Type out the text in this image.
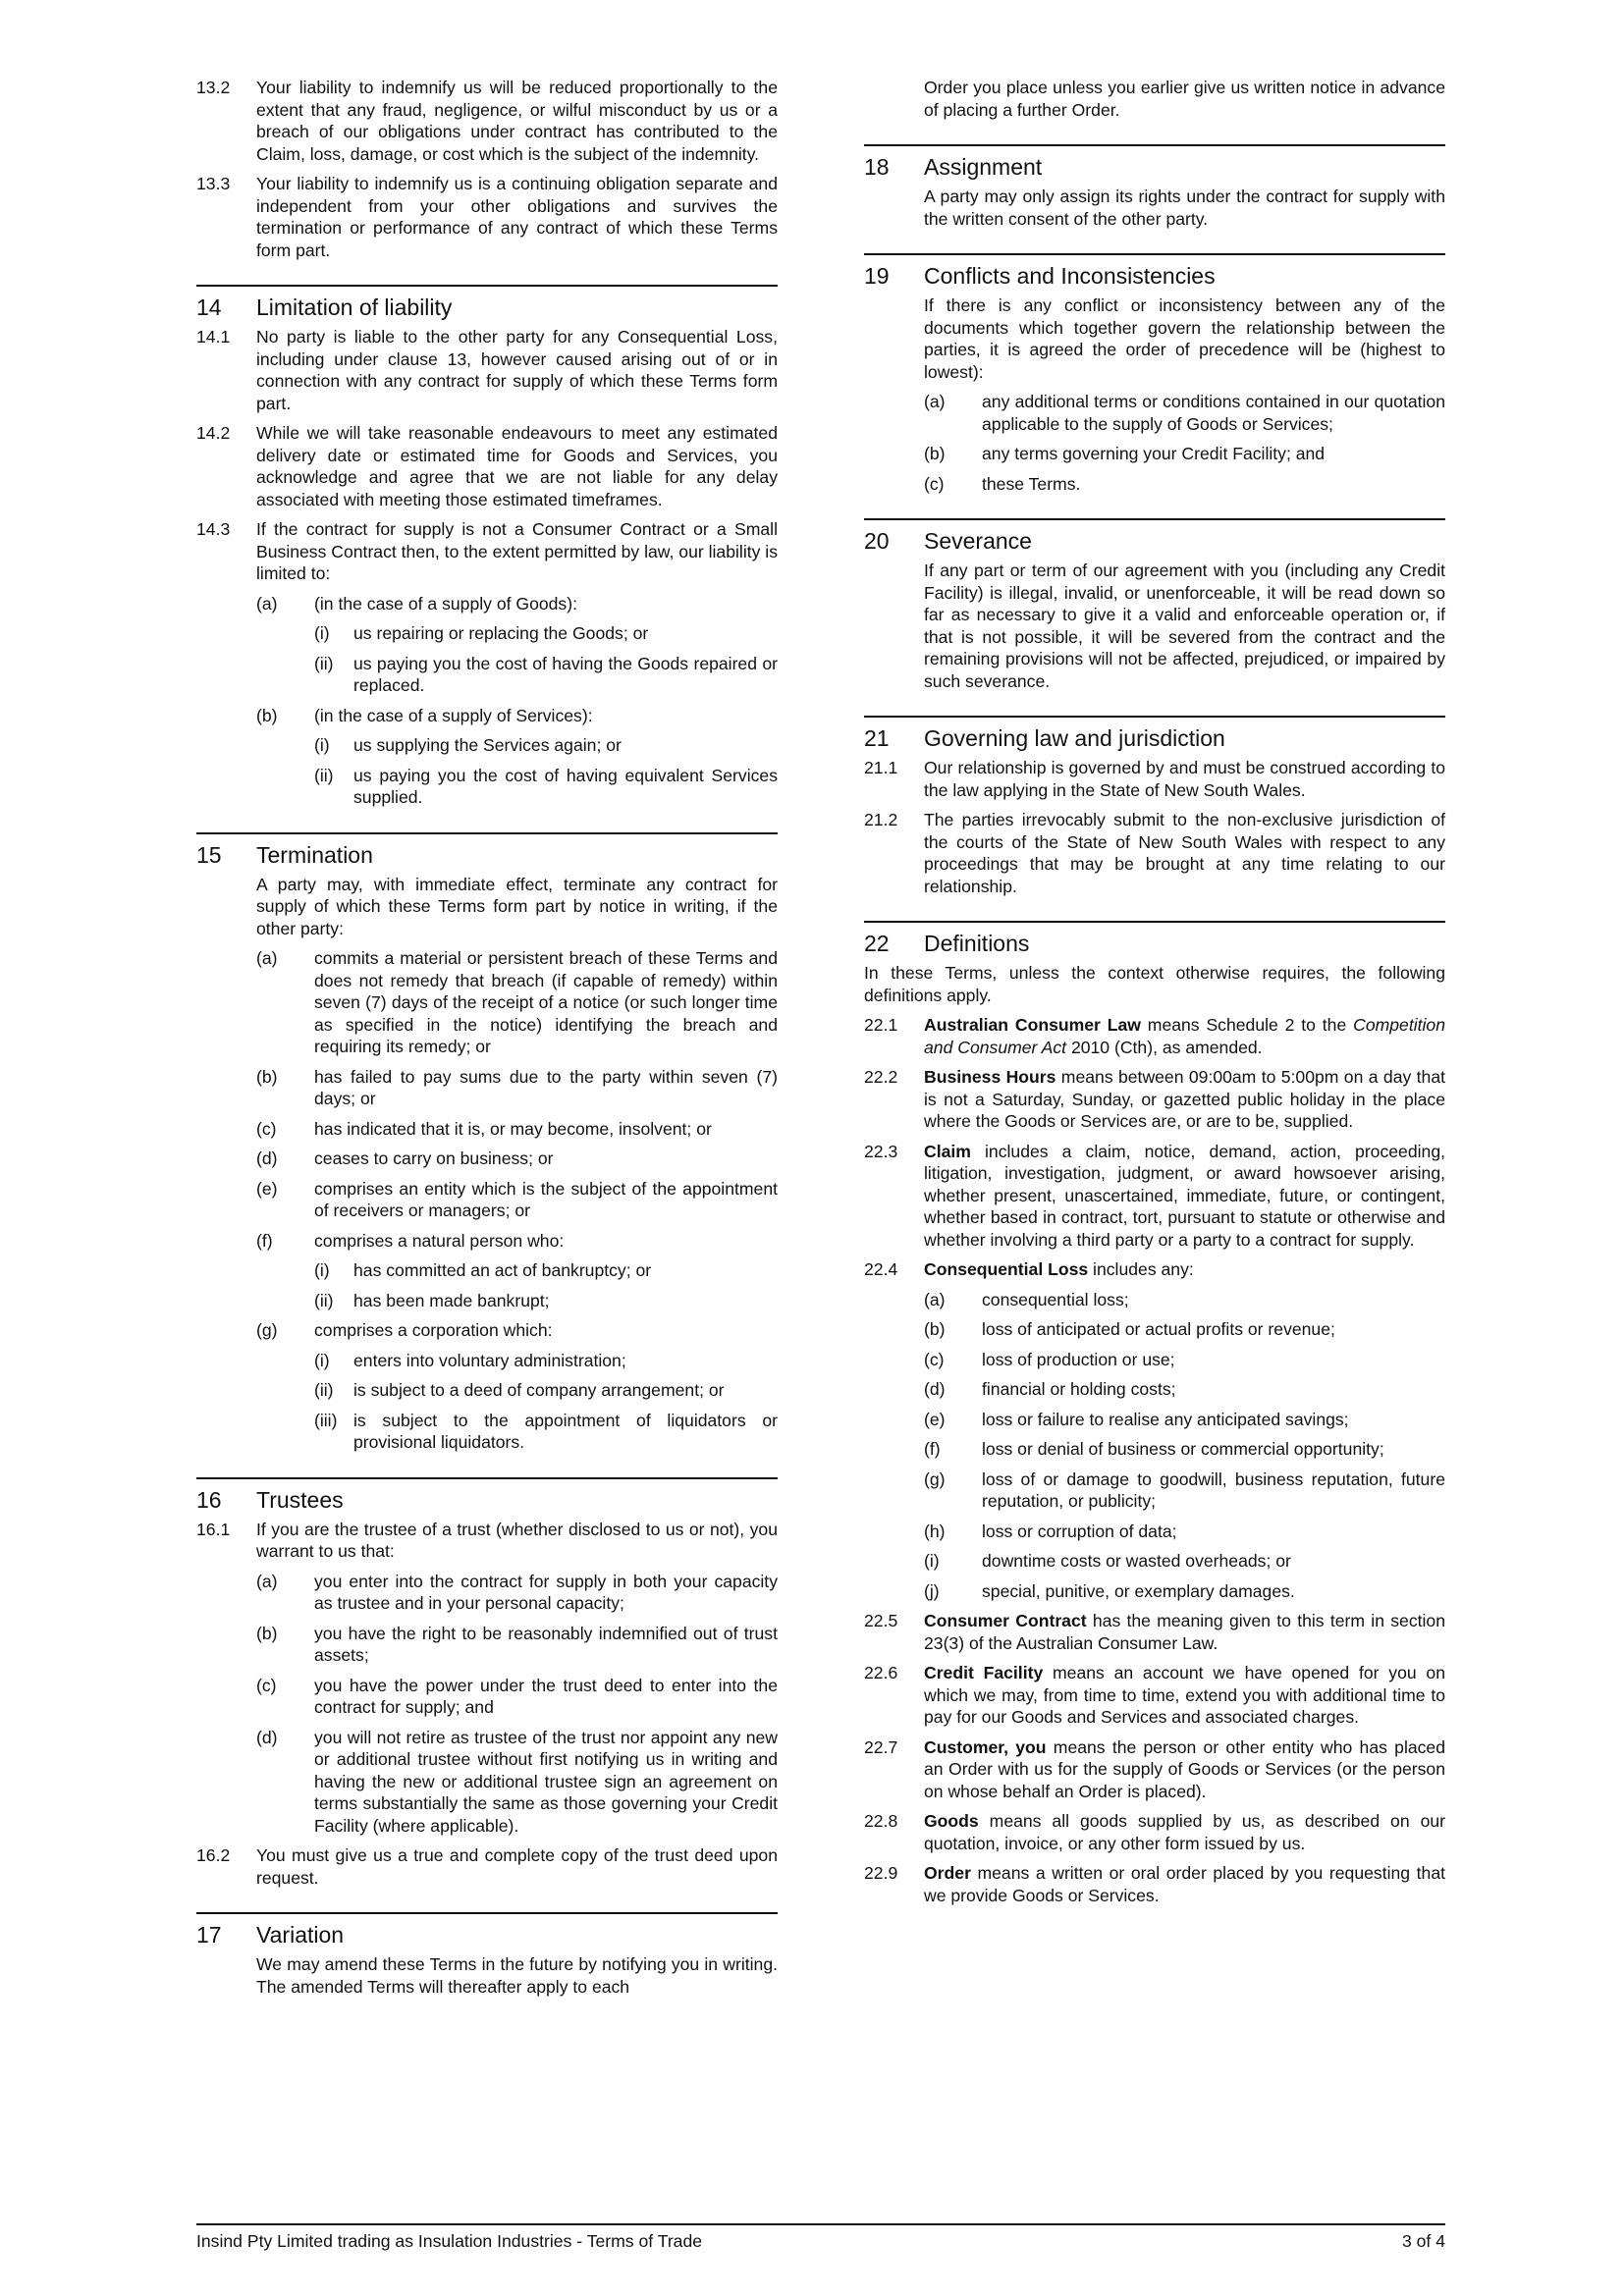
13.2	Your liability to indemnify us will be reduced proportionally to the extent that any fraud, negligence, or wilful misconduct by us or a breach of our obligations under contract has contributed to the Claim, loss, damage, or cost which is the subject of the indemnity.
13.3	Your liability to indemnify us is a continuing obligation separate and independent from your other obligations and survives the termination or performance of any contract of which these Terms form part.
14	Limitation of liability
14.1	No party is liable to the other party for any Consequential Loss, including under clause 13, however caused arising out of or in connection with any contract for supply of which these Terms form part.
14.2	While we will take reasonable endeavours to meet any estimated delivery date or estimated time for Goods and Services, you acknowledge and agree that we are not liable for any delay associated with meeting those estimated timeframes.
14.3	If the contract for supply is not a Consumer Contract or a Small Business Contract then, to the extent permitted by law, our liability is limited to:
(a)	(in the case of a supply of Goods):
(i)	us repairing or replacing the Goods; or
(ii)	us paying you the cost of having the Goods repaired or replaced.
(b)	(in the case of a supply of Services):
(i)	us supplying the Services again; or
(ii)	us paying you the cost of having equivalent Services supplied.
15	Termination
A party may, with immediate effect, terminate any contract for supply of which these Terms form part by notice in writing, if the other party:
(a)	commits a material or persistent breach of these Terms and does not remedy that breach (if capable of remedy) within seven (7) days of the receipt of a notice (or such longer time as specified in the notice) identifying the breach and requiring its remedy; or
(b)	has failed to pay sums due to the party within seven (7) days; or
(c)	has indicated that it is, or may become, insolvent; or
(d)	ceases to carry on business; or
(e)	comprises an entity which is the subject of the appointment of receivers or managers; or
(f)	comprises a natural person who:
(i)	has committed an act of bankruptcy; or
(ii)	has been made bankrupt;
(g)	comprises a corporation which:
(i)	enters into voluntary administration;
(ii)	is subject to a deed of company arrangement; or
(iii) is subject to the appointment of liquidators or provisional liquidators.
16	Trustees
16.1	If you are the trustee of a trust (whether disclosed to us or not), you warrant to us that:
(a)	you enter into the contract for supply in both your capacity as trustee and in your personal capacity;
(b)	you have the right to be reasonably indemnified out of trust assets;
(c)	you have the power under the trust deed to enter into the contract for supply; and
(d)	you will not retire as trustee of the trust nor appoint any new or additional trustee without first notifying us in writing and having the new or additional trustee sign an agreement on terms substantially the same as those governing your Credit Facility (where applicable).
16.2	You must give us a true and complete copy of the trust deed upon request.
17	Variation
We may amend these Terms in the future by notifying you in writing. The amended Terms will thereafter apply to each
Order you place unless you earlier give us written notice in advance of placing a further Order.
18	Assignment
A party may only assign its rights under the contract for supply with the written consent of the other party.
19	Conflicts and Inconsistencies
If there is any conflict or inconsistency between any of the documents which together govern the relationship between the parties, it is agreed the order of precedence will be (highest to lowest):
(a)	any additional terms or conditions contained in our quotation applicable to the supply of Goods or Services;
(b)	any terms governing your Credit Facility; and
(c)	these Terms.
20	Severance
If any part or term of our agreement with you (including any Credit Facility) is illegal, invalid, or unenforceable, it will be read down so far as necessary to give it a valid and enforceable operation or, if that is not possible, it will be severed from the contract and the remaining provisions will not be affected, prejudiced, or impaired by such severance.
21	Governing law and jurisdiction
21.1	Our relationship is governed by and must be construed according to the law applying in the State of New South Wales.
21.2	The parties irrevocably submit to the non-exclusive jurisdiction of the courts of the State of New South Wales with respect to any proceedings that may be brought at any time relating to our relationship.
22	Definitions
In these Terms, unless the context otherwise requires, the following definitions apply.
22.1	Australian Consumer Law means Schedule 2 to the Competition and Consumer Act 2010 (Cth), as amended.
22.2	Business Hours means between 09:00am to 5:00pm on a day that is not a Saturday, Sunday, or gazetted public holiday in the place where the Goods or Services are, or are to be, supplied.
22.3	Claim includes a claim, notice, demand, action, proceeding, litigation, investigation, judgment, or award howsoever arising, whether present, unascertained, immediate, future, or contingent, whether based in contract, tort, pursuant to statute or otherwise and whether involving a third party or a party to a contract for supply.
22.4	Consequential Loss includes any:
(a)	consequential loss;
(b)	loss of anticipated or actual profits or revenue;
(c)	loss of production or use;
(d)	financial or holding costs;
(e)	loss or failure to realise any anticipated savings;
(f)	loss or denial of business or commercial opportunity;
(g)	loss of or damage to goodwill, business reputation, future reputation, or publicity;
(h)	loss or corruption of data;
(i)	downtime costs or wasted overheads; or
(j)	special, punitive, or exemplary damages.
22.5	Consumer Contract has the meaning given to this term in section 23(3) of the Australian Consumer Law.
22.6	Credit Facility means an account we have opened for you on which we may, from time to time, extend you with additional time to pay for our Goods and Services and associated charges.
22.7	Customer, you means the person or other entity who has placed an Order with us for the supply of Goods or Services (or the person on whose behalf an Order is placed).
22.8	Goods means all goods supplied by us, as described on our quotation, invoice, or any other form issued by us.
22.9	Order means a written or oral order placed by you requesting that we provide Goods or Services.
Insind Pty Limited trading as Insulation Industries - Terms of Trade	3 of 4
